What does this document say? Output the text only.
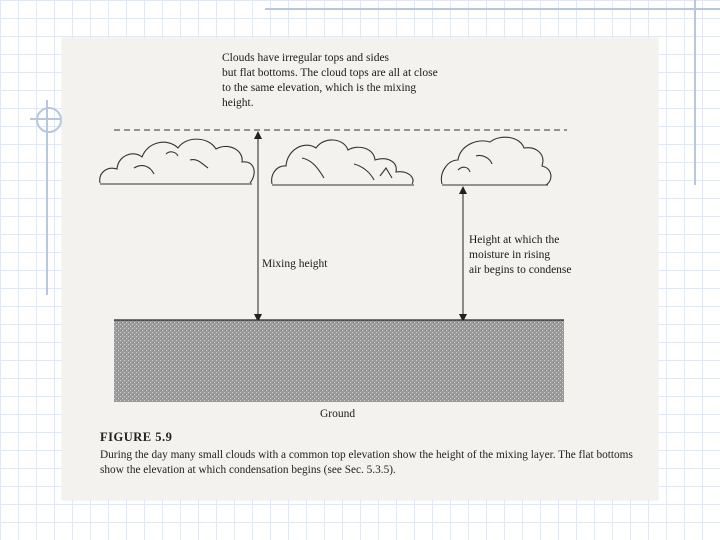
Clouds have irregular tops and sides but flat bottoms. The cloud tops are all at close to the same elevation, which is the mixing height.
Mixing height
Height at which the moisture in rising air begins to condense
Ground
FIGURE 5.9
During the day many small clouds with a common top elevation show the height of the mixing layer. The flat bottoms show the elevation at which condensation begins (see Sec. 5.3.5).
